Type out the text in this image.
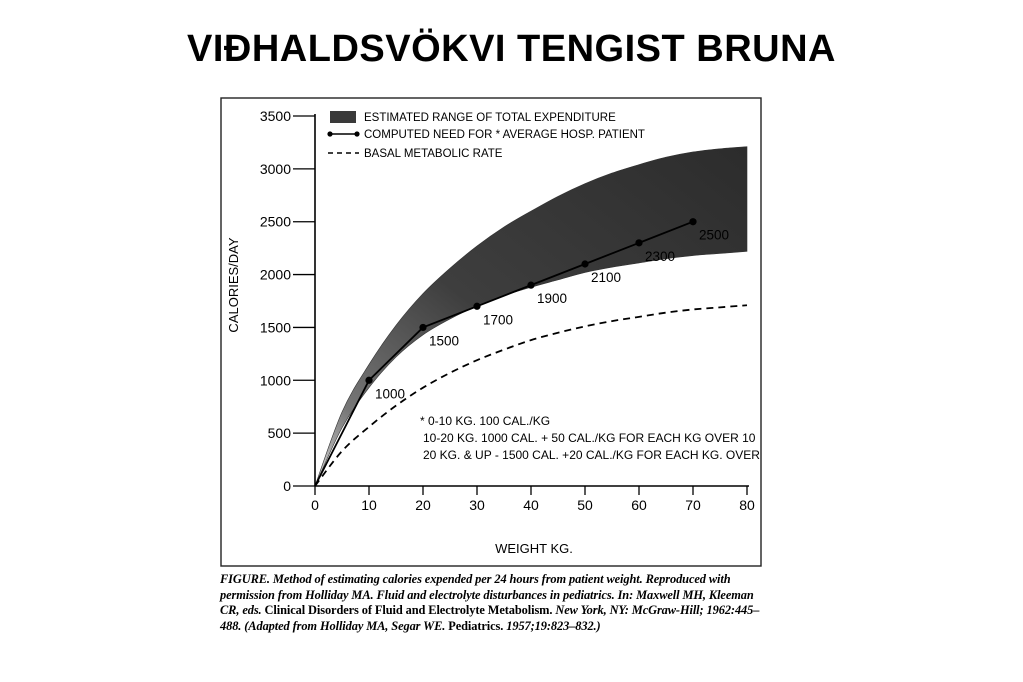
VIÐHALDSVÖKVI TENGIST BRUNA
0
500
1000
1500
2000
2500
3000
3500
0	10	20	30	40	50	60	70	80
1000
1500
1700
1900
2100
2300
2500
ESTIMATED RANGE OF TOTAL EXPENDITURE
COMPUTED NEED FOR * AVERAGE HOSP. PATIENT
BASAL METABOLIC RATE
* 0-10 KG. 100 CAL./KG
10-20 KG. 1000 CAL. + 50 CAL./KG FOR EACH KG OVER 10
20 KG. & UP - 1500 CAL. +20 CAL./KG FOR EACH KG. OVER 20
CALORIES/DAY
WEIGHT KG.
FIGURE. Method of estimating calories expended per 24 hours from patient weight. Reproduced with permission from Holliday MA. Fluid and electrolyte disturbances in pediatrics. In: Maxwell MH, Kleeman CR, eds. Clinical Disorders of Fluid and Electrolyte Metabolism. New York, NY: McGraw-Hill; 1962:445–488. (Adapted from Holliday MA, Segar WE. Pediatrics. 1957;19:823–832.)
